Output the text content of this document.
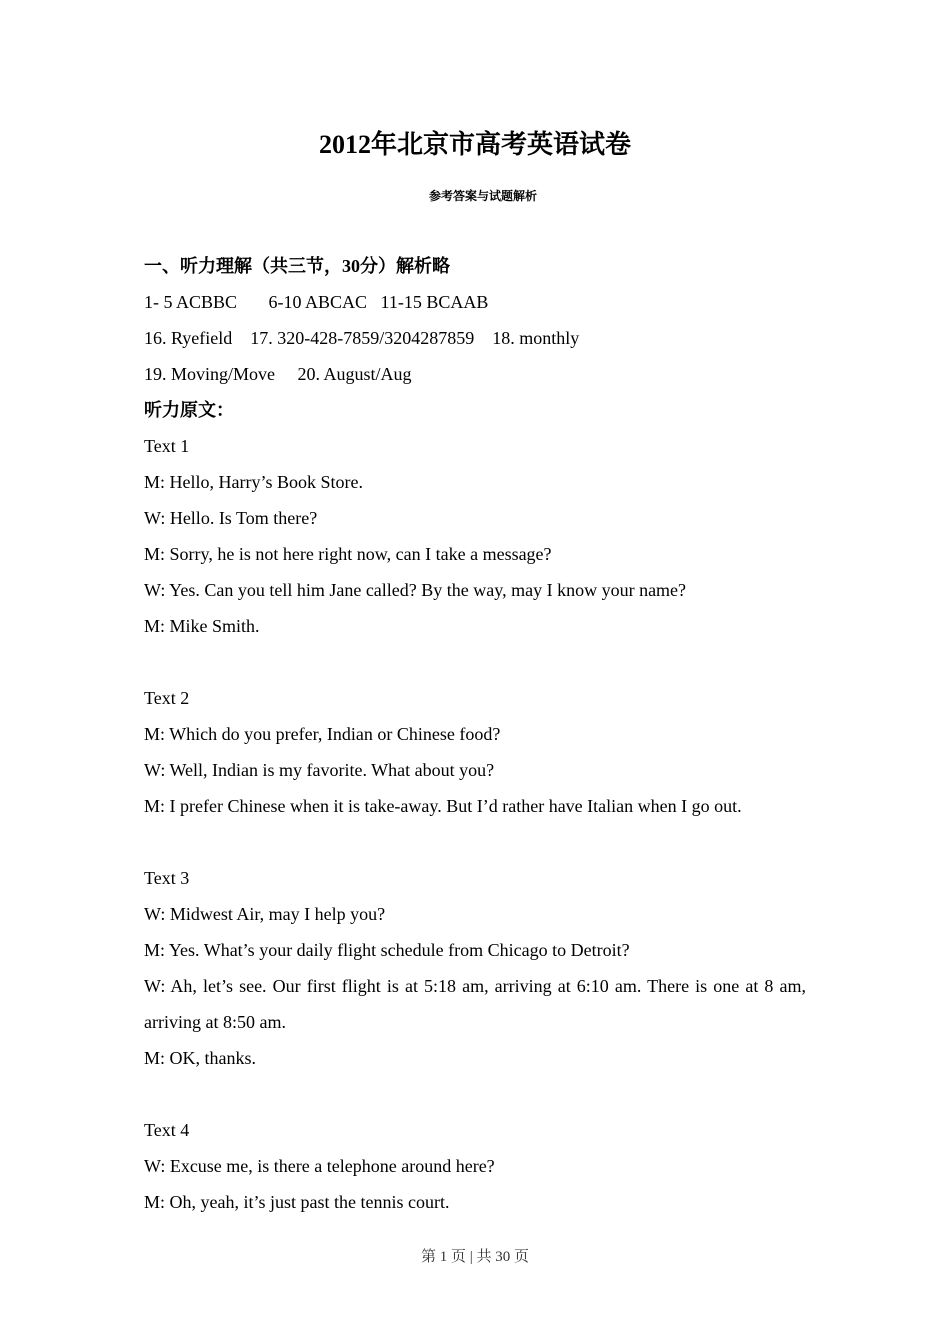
2012年北京市高考英语试卷
参考答案与试题解析
一、听力理解（共三节，30分）解析略
1- 5 ACBBC       6-10 ABCAC   11-15 BCAAB
16. Ryefield    17. 320-428-7859/3204287859    18. monthly
19. Moving/Move     20. August/Aug
听力原文：
Text 1
M: Hello, Harry’s Book Store.
W: Hello. Is Tom there?
M: Sorry, he is not here right now, can I take a message?
W: Yes. Can you tell him Jane called? By the way, may I know your name?
M: Mike Smith.
Text 2
M: Which do you prefer, Indian or Chinese food?
W: Well, Indian is my favorite. What about you?
M: I prefer Chinese when it is take-away. But I’d rather have Italian when I go out.
Text 3
W: Midwest Air, may I help you?
M: Yes. What’s your daily flight schedule from Chicago to Detroit?
W: Ah, let’s see. Our first flight is at 5:18 am, arriving at 6:10 am. There is one at 8 am, arriving at 8:50 am.
M: OK, thanks.
Text 4
W: Excuse me, is there a telephone around here?
M: Oh, yeah, it’s just past the tennis court.
第 1 页 | 共 30 页
